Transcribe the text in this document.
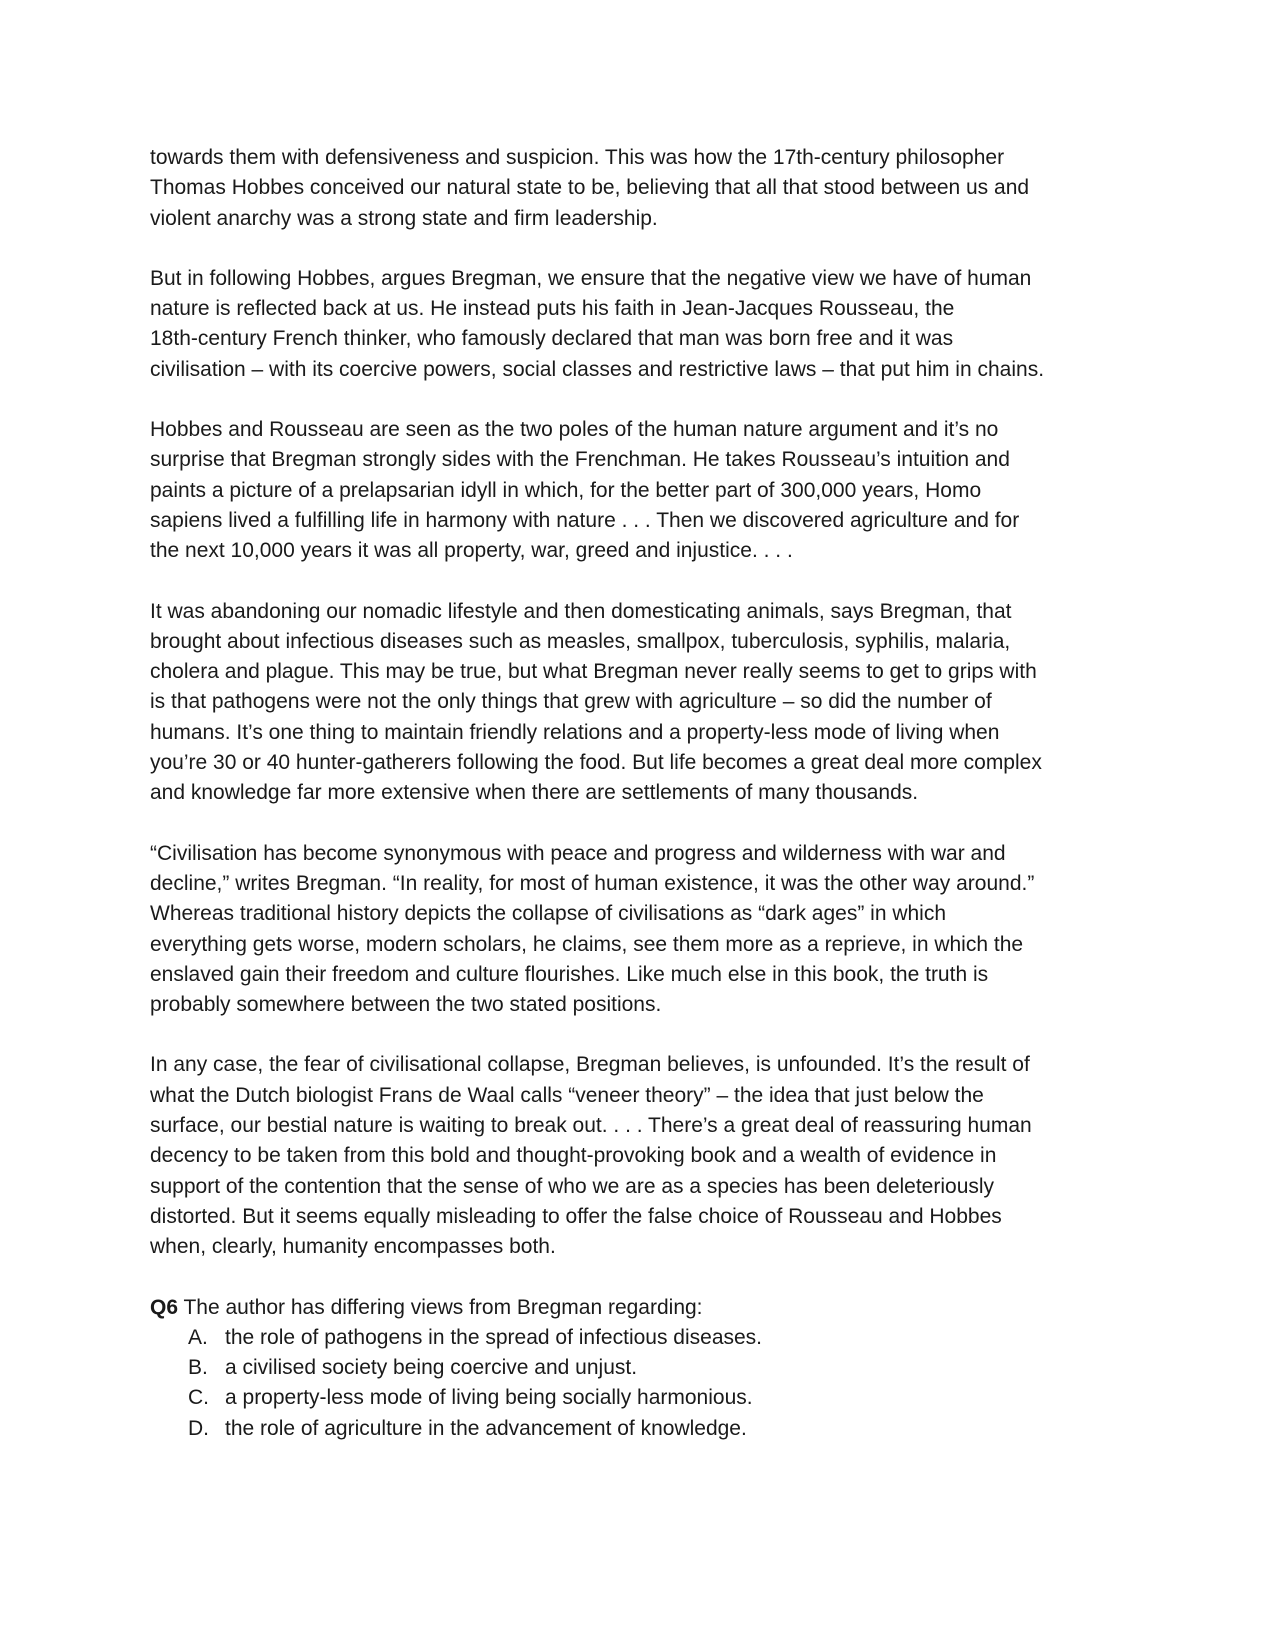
towards them with defensiveness and suspicion. This was how the 17th-century philosopher
Thomas Hobbes conceived our natural state to be, believing that all that stood between us and
violent anarchy was a strong state and firm leadership.

But in following Hobbes, argues Bregman, we ensure that the negative view we have of human
nature is reflected back at us. He instead puts his faith in Jean-Jacques Rousseau, the
18th-century French thinker, who famously declared that man was born free and it was
civilisation – with its coercive powers, social classes and restrictive laws – that put him in chains.

Hobbes and Rousseau are seen as the two poles of the human nature argument and it’s no
surprise that Bregman strongly sides with the Frenchman. He takes Rousseau’s intuition and
paints a picture of a prelapsarian idyll in which, for the better part of 300,000 years, Homo
sapiens lived a fulfilling life in harmony with nature . . . Then we discovered agriculture and for
the next 10,000 years it was all property, war, greed and injustice. . . .

It was abandoning our nomadic lifestyle and then domesticating animals, says Bregman, that
brought about infectious diseases such as measles, smallpox, tuberculosis, syphilis, malaria,
cholera and plague. This may be true, but what Bregman never really seems to get to grips with
is that pathogens were not the only things that grew with agriculture – so did the number of
humans. It’s one thing to maintain friendly relations and a property-less mode of living when
you’re 30 or 40 hunter-gatherers following the food. But life becomes a great deal more complex
and knowledge far more extensive when there are settlements of many thousands.

“Civilisation has become synonymous with peace and progress and wilderness with war and
decline,” writes Bregman. “In reality, for most of human existence, it was the other way around.”
Whereas traditional history depicts the collapse of civilisations as “dark ages” in which
everything gets worse, modern scholars, he claims, see them more as a reprieve, in which the
enslaved gain their freedom and culture flourishes. Like much else in this book, the truth is
probably somewhere between the two stated positions.

In any case, the fear of civilisational collapse, Bregman believes, is unfounded. It’s the result of
what the Dutch biologist Frans de Waal calls “veneer theory” – the idea that just below the
surface, our bestial nature is waiting to break out. . . . There’s a great deal of reassuring human
decency to be taken from this bold and thought-provoking book and a wealth of evidence in
support of the contention that the sense of who we are as a species has been deleteriously
distorted. But it seems equally misleading to offer the false choice of Rousseau and Hobbes
when, clearly, humanity encompasses both.

Q6 The author has differing views from Bregman regarding:
A. the role of pathogens in the spread of infectious diseases.
B. a civilised society being coercive and unjust.
C. a property-less mode of living being socially harmonious.
D. the role of agriculture in the advancement of knowledge.
